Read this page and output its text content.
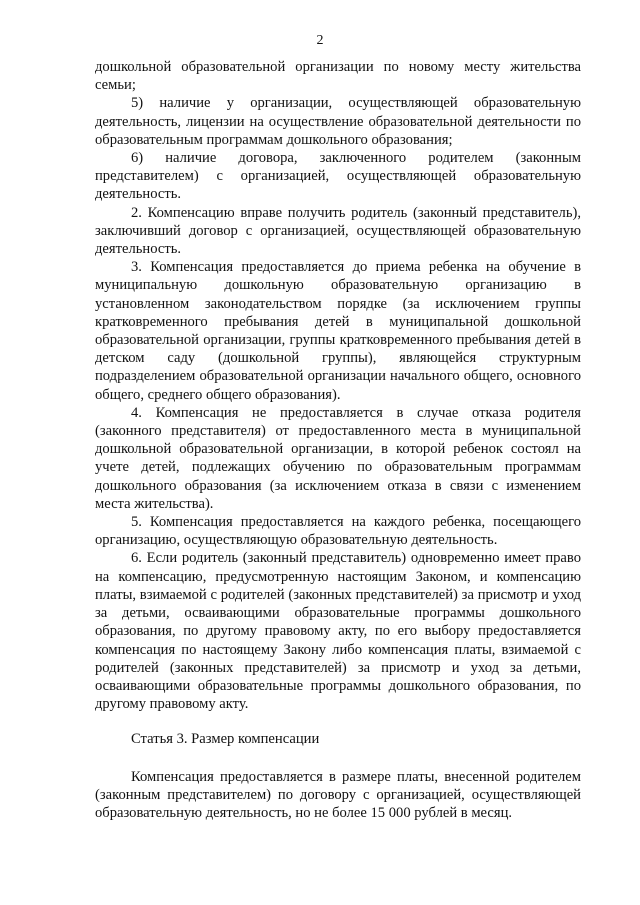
2

дошкольной образовательной организации по новому месту жительства семьи;

5) наличие у организации, осуществляющей образовательную деятельность, лицензии на осуществление образовательной деятельности по образовательным программам дошкольного образования;

6) наличие договора, заключенного родителем (законным представителем) с организацией, осуществляющей образовательную деятельность.

2. Компенсацию вправе получить родитель (законный представитель), заключивший договор с организацией, осуществляющей образовательную деятельность.

3. Компенсация предоставляется до приема ребенка на обучение в муниципальную дошкольную образовательную организацию в установленном законодательством порядке (за исключением группы кратковременного пребывания детей в муниципальной дошкольной образовательной организации, группы кратковременного пребывания детей в детском саду (дошкольной группы), являющейся структурным подразделением образовательной организации начального общего, основного общего, среднего общего образования).

4. Компенсация не предоставляется в случае отказа родителя (законного представителя) от предоставленного места в муниципальной дошкольной образовательной организации, в которой ребенок состоял на учете детей, подлежащих обучению по образовательным программам дошкольного образования (за исключением отказа в связи с изменением места жительства).

5. Компенсация предоставляется на каждого ребенка, посещающего организацию, осуществляющую образовательную деятельность.

6. Если родитель (законный представитель) одновременно имеет право на компенсацию, предусмотренную настоящим Законом, и компенсацию платы, взимаемой с родителей (законных представителей) за присмотр и уход за детьми, осваивающими образовательные программы дошкольного образования, по другому правовому акту, по его выбору предоставляется компенсация по настоящему Закону либо компенсация платы, взимаемой с родителей (законных представителей) за присмотр и уход за детьми, осваивающими образовательные программы дошкольного образования, по другому правовому акту.

Статья 3. Размер компенсации

Компенсация предоставляется в размере платы, внесенной родителем (законным представителем) по договору с организацией, осуществляющей образовательную деятельность, но не более 15 000 рублей в месяц.
